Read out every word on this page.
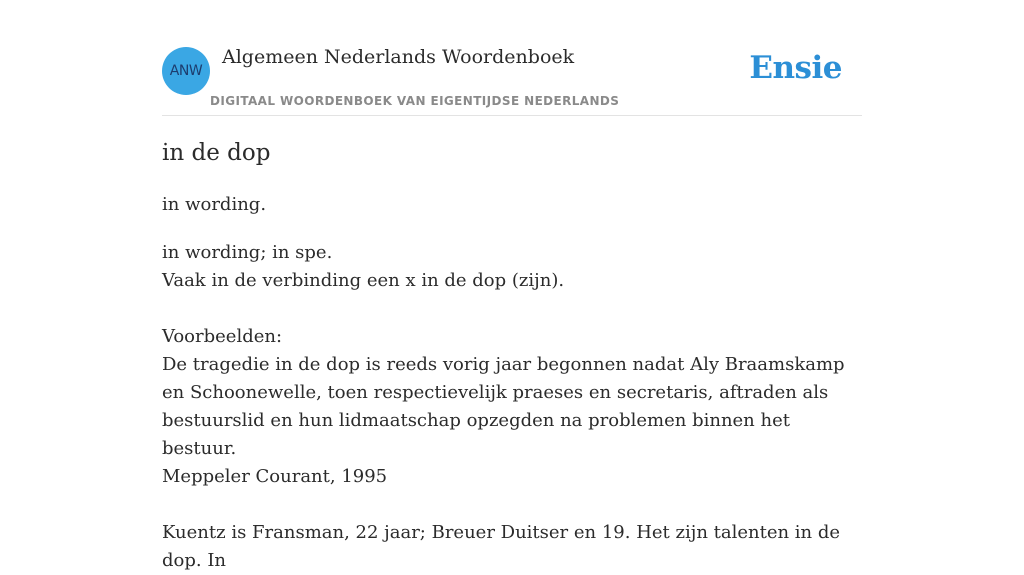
ANW
Algemeen Nederlands Woordenboek
DIGITAAL WOORDENBOEK VAN EIGENTIJDSE NEDERLANDS
Ensie
in de dop
in wording.
in wording; in spe.
Vaak in de verbinding een x in de dop (zijn).

Voorbeelden:
De tragedie in de dop is reeds vorig jaar begonnen nadat Aly Braamskamp en Schoonewelle, toen respectievelijk praeses en secretaris, aftraden als bestuurslid en hun lidmaatschap opzegden na problemen binnen het bestuur.
Meppeler Courant, 1995

Kuentz is Fransman, 22 jaar; Breuer Duitser en 19. Het zijn talenten in de dop. In
